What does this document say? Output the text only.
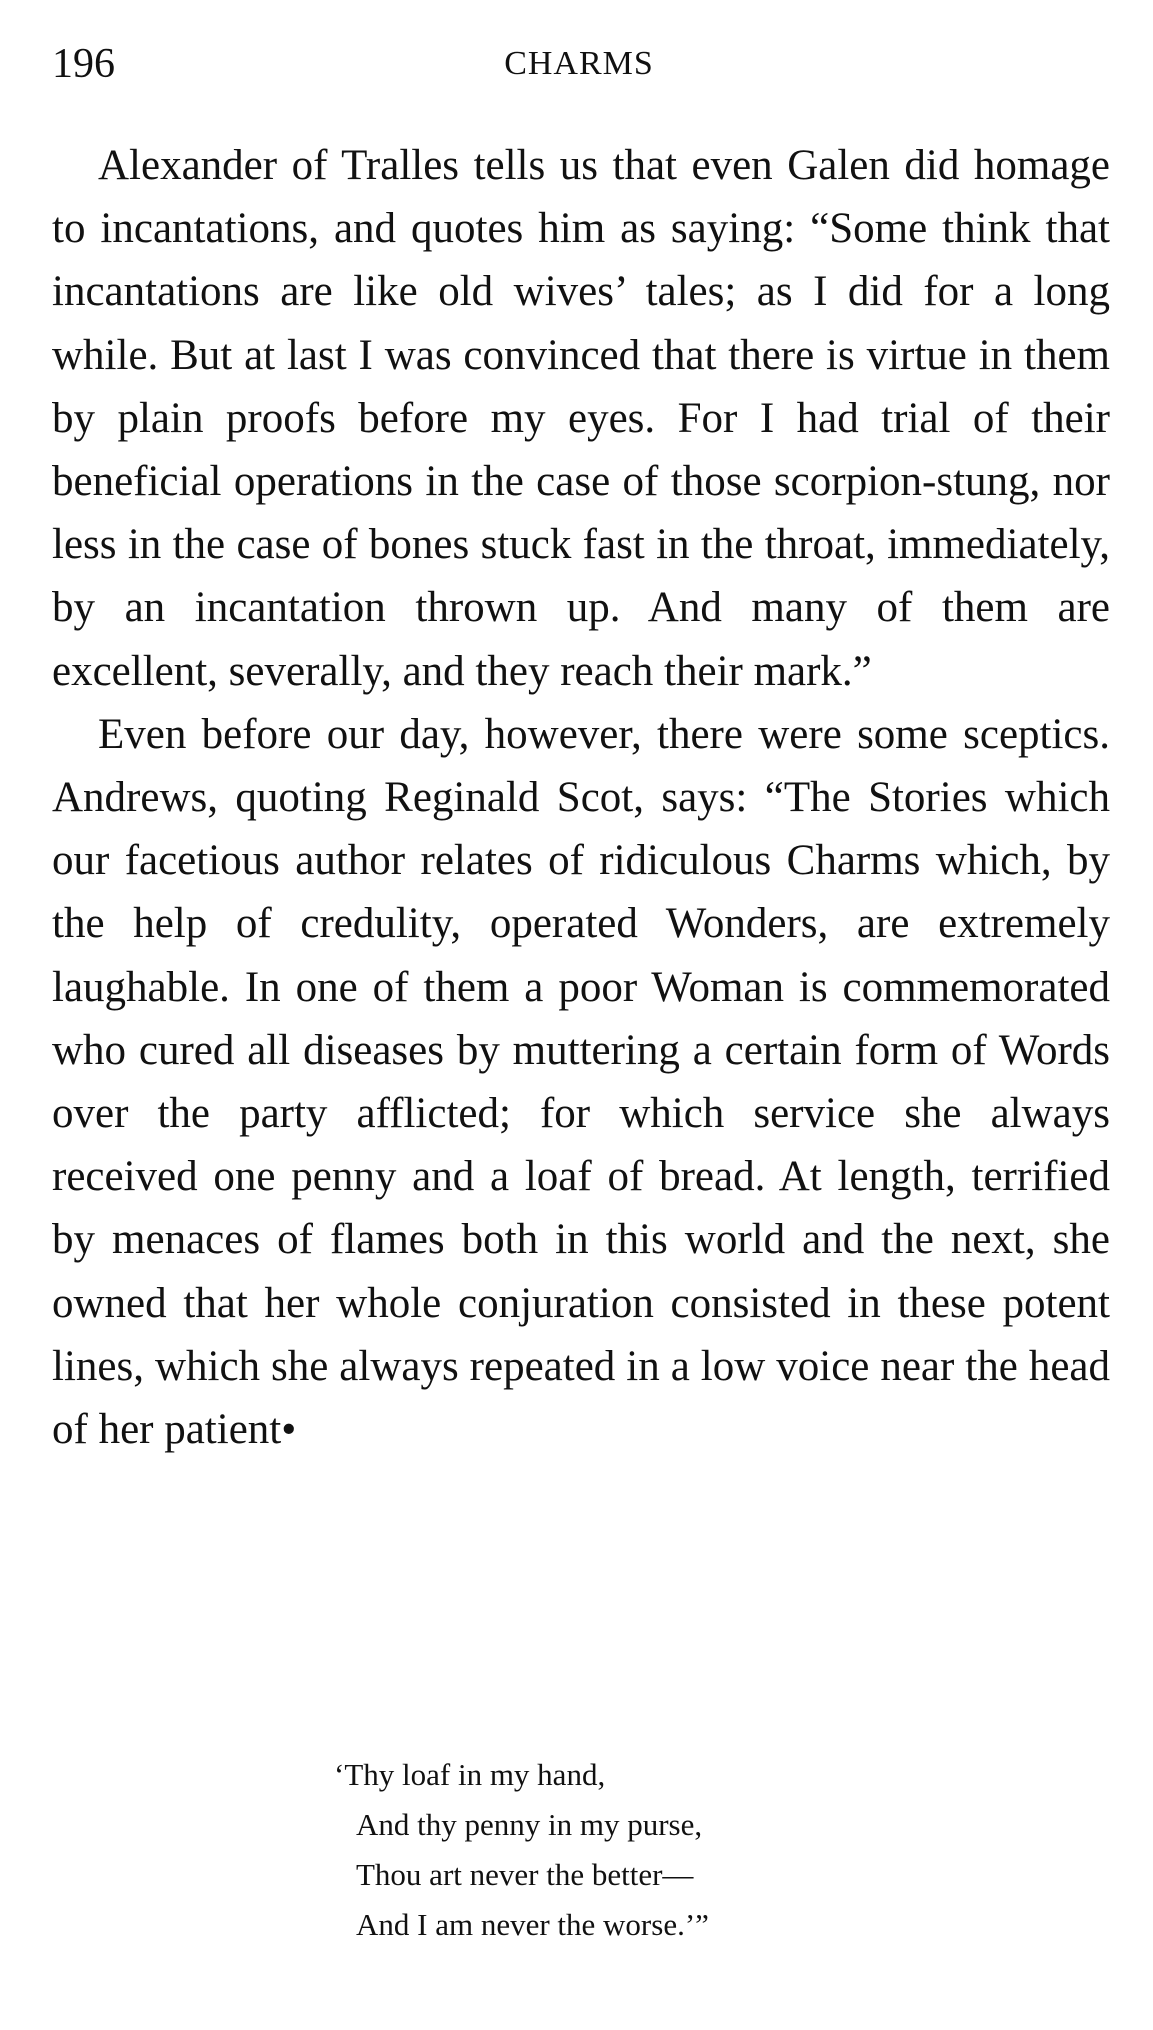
196	CHARMS

Alexander of Tralles tells us that even Galen did homage to incantations, and quotes him as saying: “Some think that incantations are like old wives’ tales; as I did for a long while. But at last I was convinced that there is virtue in them by plain proofs before my eyes. For I had trial of their beneficial operations in the case of those scorpion-stung, nor less in the case of bones stuck fast in the throat, immediately, by an incantation thrown up. And many of them are excellent, severally, and they reach their mark.”

Even before our day, however, there were some sceptics. Andrews, quoting Reginald Scot, says: “The Stories which our facetious author relates of ridiculous Charms which, by the help of credulity, operated Wonders, are extremely laughable. In one of them a poor Woman is commemorated who cured all diseases by muttering a certain form of Words over the party afflicted; for which service she always received one penny and a loaf of bread. At length, terrified by menaces of flames both in this world and the next, she owned that her whole conjuration consisted in these potent lines, which she always repeated in a low voice near the head of her patient•

‘Thy loaf in my hand,
And thy penny in my purse,
Thou art never the better—
And I am never the worse.’”
